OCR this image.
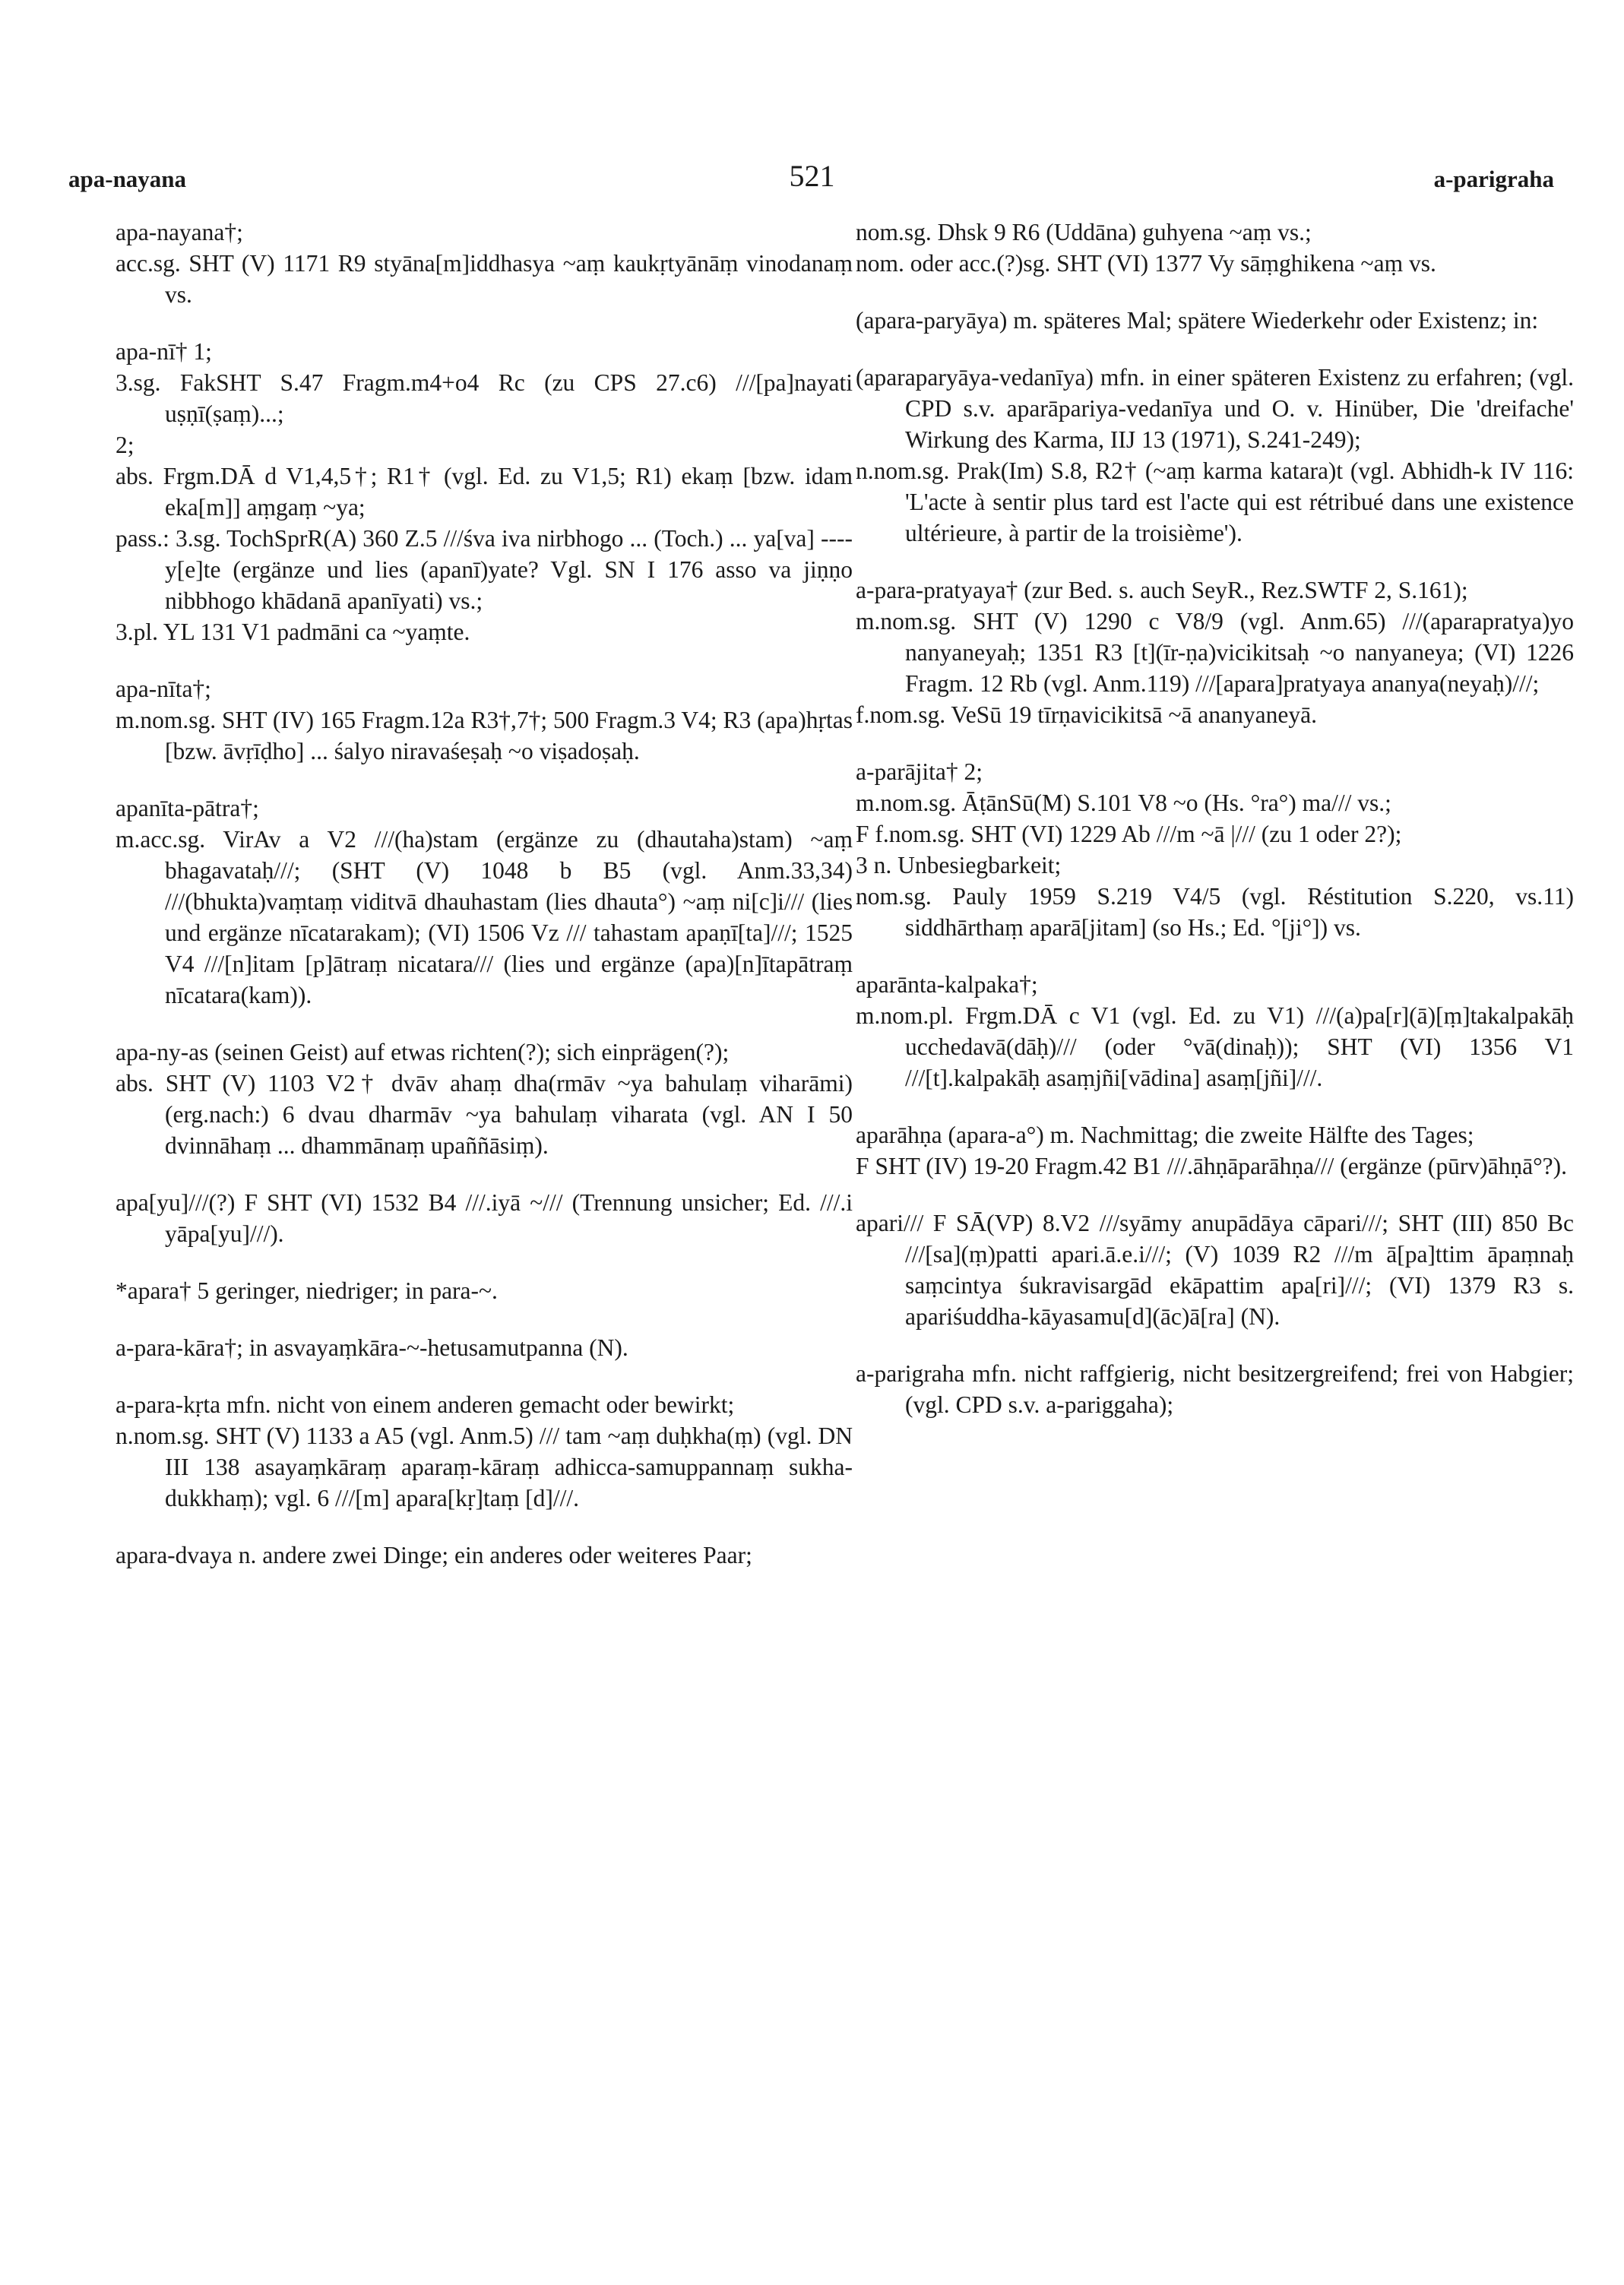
apa-nayana	521	a-parigraha

apa-nayana†;

acc.sg. SHT (V) 1171 R9 styāna[m]iddhasya ~aṃ kaukṛtyānāṃ vinodanaṃ vs.

apa-nī† 1;

3.sg. FakSHT S.47 Fragm.m4+o4 Rc (zu CPS 27.c6) ///[pa]nayati uṣṇī(ṣaṃ)...;

2;

abs. Frgm.DĀ d V1,4,5†; R1† (vgl. Ed. zu V1,5; R1) ekaṃ [bzw. idam eka[m]] aṃgaṃ ~ya;

pass.: 3.sg. TochSprR(A) 360 Z.5 ///śva iva nirbhogo ... (Toch.) ... ya[va] ---- y[e]te (ergänze und lies (apanī)yate? Vgl. SN I 176 asso va jiṇṇo nibbhogo khādanā apanīyati) vs.;

3.pl. YL 131 V1 padmāni ca ~yaṃte.

apa-nīta†;

m.nom.sg. SHT (IV) 165 Fragm.12a R3†,7†; 500 Fragm.3 V4; R3 (apa)hṛtas [bzw. āvṛīḍho] ... śalyo niravaśeṣaḥ ~o viṣadoṣaḥ.

apanīta-pātra†;

m.acc.sg. VirAv a V2 ///(ha)stam (ergänze zu (dhautaha)stam) ~aṃ bhagavataḥ///; (SHT (V) 1048 b B5 (vgl. Anm.33,34) ///(bhukta)vaṃtaṃ viditvā dhauhastam (lies dhauta°) ~aṃ ni[c]i/// (lies und ergänze nīcatarakam); (VI) 1506 Vz /// tahastam apaṇī[ta]///; 1525 V4 ///[n]itam [p]ātraṃ nicatara/// (lies und ergänze (apa)[n]ītapātraṃ nīcatara(kam)).

apa-ny-as (seinen Geist) auf etwas richten(?); sich einprägen(?);

abs. SHT (V) 1103 V2† dvāv ahaṃ dha(rmāv ~ya bahulaṃ viharāmi) (erg.nach:) 6 dvau dharmāv ~ya bahulaṃ viharata (vgl. AN I 50 dvinnāhaṃ ... dhammānaṃ upaññāsiṃ).

apa[yu]///(?) F SHT (VI) 1532 B4 ///.iyā ~/// (Trennung unsicher; Ed. ///.i yāpa[yu]///).

*apara† 5 geringer, niedriger; in para-~.

a-para-kāra†; in asvayaṃkāra-~-hetusamutpanna (N).

a-para-kṛta mfn. nicht von einem anderen gemacht oder bewirkt;

n.nom.sg. SHT (V) 1133 a A5 (vgl. Anm.5) /// tam ~aṃ duḥkha(ṃ) (vgl. DN III 138 asayaṃkāraṃ aparaṃ-kāraṃ adhicca-samuppannaṃ sukha-dukkhaṃ); vgl. 6 ///[m] apara[kṛ]taṃ [d]///.

apara-dvaya n. andere zwei Dinge; ein anderes oder weiteres Paar;

nom.sg. Dhsk 9 R6 (Uddāna) guhyena ~aṃ vs.;

nom. oder acc.(?)sg. SHT (VI) 1377 Vy sāṃghikena ~aṃ vs.

(apara-paryāya) m. späteres Mal; spätere Wiederkehr oder Existenz; in:

(aparaparyāya-vedanīya) mfn. in einer späteren Existenz zu erfahren; (vgl. CPD s.v. aparāpariya-vedanīya und O. v. Hinüber, Die 'dreifache' Wirkung des Karma, IIJ 13 (1971), S.241-249);

n.nom.sg. Prak(Im) S.8, R2† (~aṃ karma katara)t (vgl. Abhidh-k IV 116: 'L'acte à sentir plus tard est l'acte qui est rétribué dans une existence ultérieure, à partir de la troisième').

a-para-pratyaya† (zur Bed. s. auch SeyR., Rez.SWTF 2, S.161);

m.nom.sg. SHT (V) 1290 c V8/9 (vgl. Anm.65) ///(aparapratya)yo nanyaneyaḥ; 1351 R3 [t](īr-ṇa)vicikitsaḥ ~o nanyaneya; (VI) 1226 Fragm. 12 Rb (vgl. Anm.119) ///[apara]pratyaya ananya(neyaḥ)///;

f.nom.sg. VeSū 19 tīrṇavicikitsā ~ā ananyaneyā.

a-parājita† 2;

m.nom.sg. ĀṭānSū(M) S.101 V8 ~o (Hs. °ra°) ma/// vs.;

F f.nom.sg. SHT (VI) 1229 Ab ///m ~ā |/// (zu 1 oder 2?);

3 n. Unbesiegbarkeit;

nom.sg. Pauly 1959 S.219 V4/5 (vgl. Réstitution S.220, vs.11) siddhārthaṃ aparā[jitam] (so Hs.; Ed. °[ji°]) vs.

aparānta-kalpaka†;

m.nom.pl. Frgm.DĀ c V1 (vgl. Ed. zu V1) ///(a)pa[r](ā)[ṃ]takalpakāḥ ucchedavā(dāḥ)/// (oder °vā(dinaḥ)); SHT (VI) 1356 V1 ///[t].kalpakāḥ asaṃjñi[vādina] asaṃ[jñi]///.

aparāhṇa (apara-a°) m. Nachmittag; die zweite Hälfte des Tages;

F SHT (IV) 19-20 Fragm.42 B1 ///.āhṇāparāhṇa/// (ergänze (pūrv)āhṇā°?).

apari/// F SĀ(VP) 8.V2 ///syāmy anupādāya cāpari///; SHT (III) 850 Bc ///[sa](ṃ)patti apari.ā.e.i///; (V) 1039 R2 ///m ā[pa]ttim āpaṃnaḥ saṃcintya śukravisargād ekāpattim apa[ri]///; (VI) 1379 R3 s. apariśuddha-kāyasamu[d](āc)ā[ra] (N).

a-parigraha mfn. nicht raffgierig, nicht besitzergreifend; frei von Habgier; (vgl. CPD s.v. a-pariggaha);
